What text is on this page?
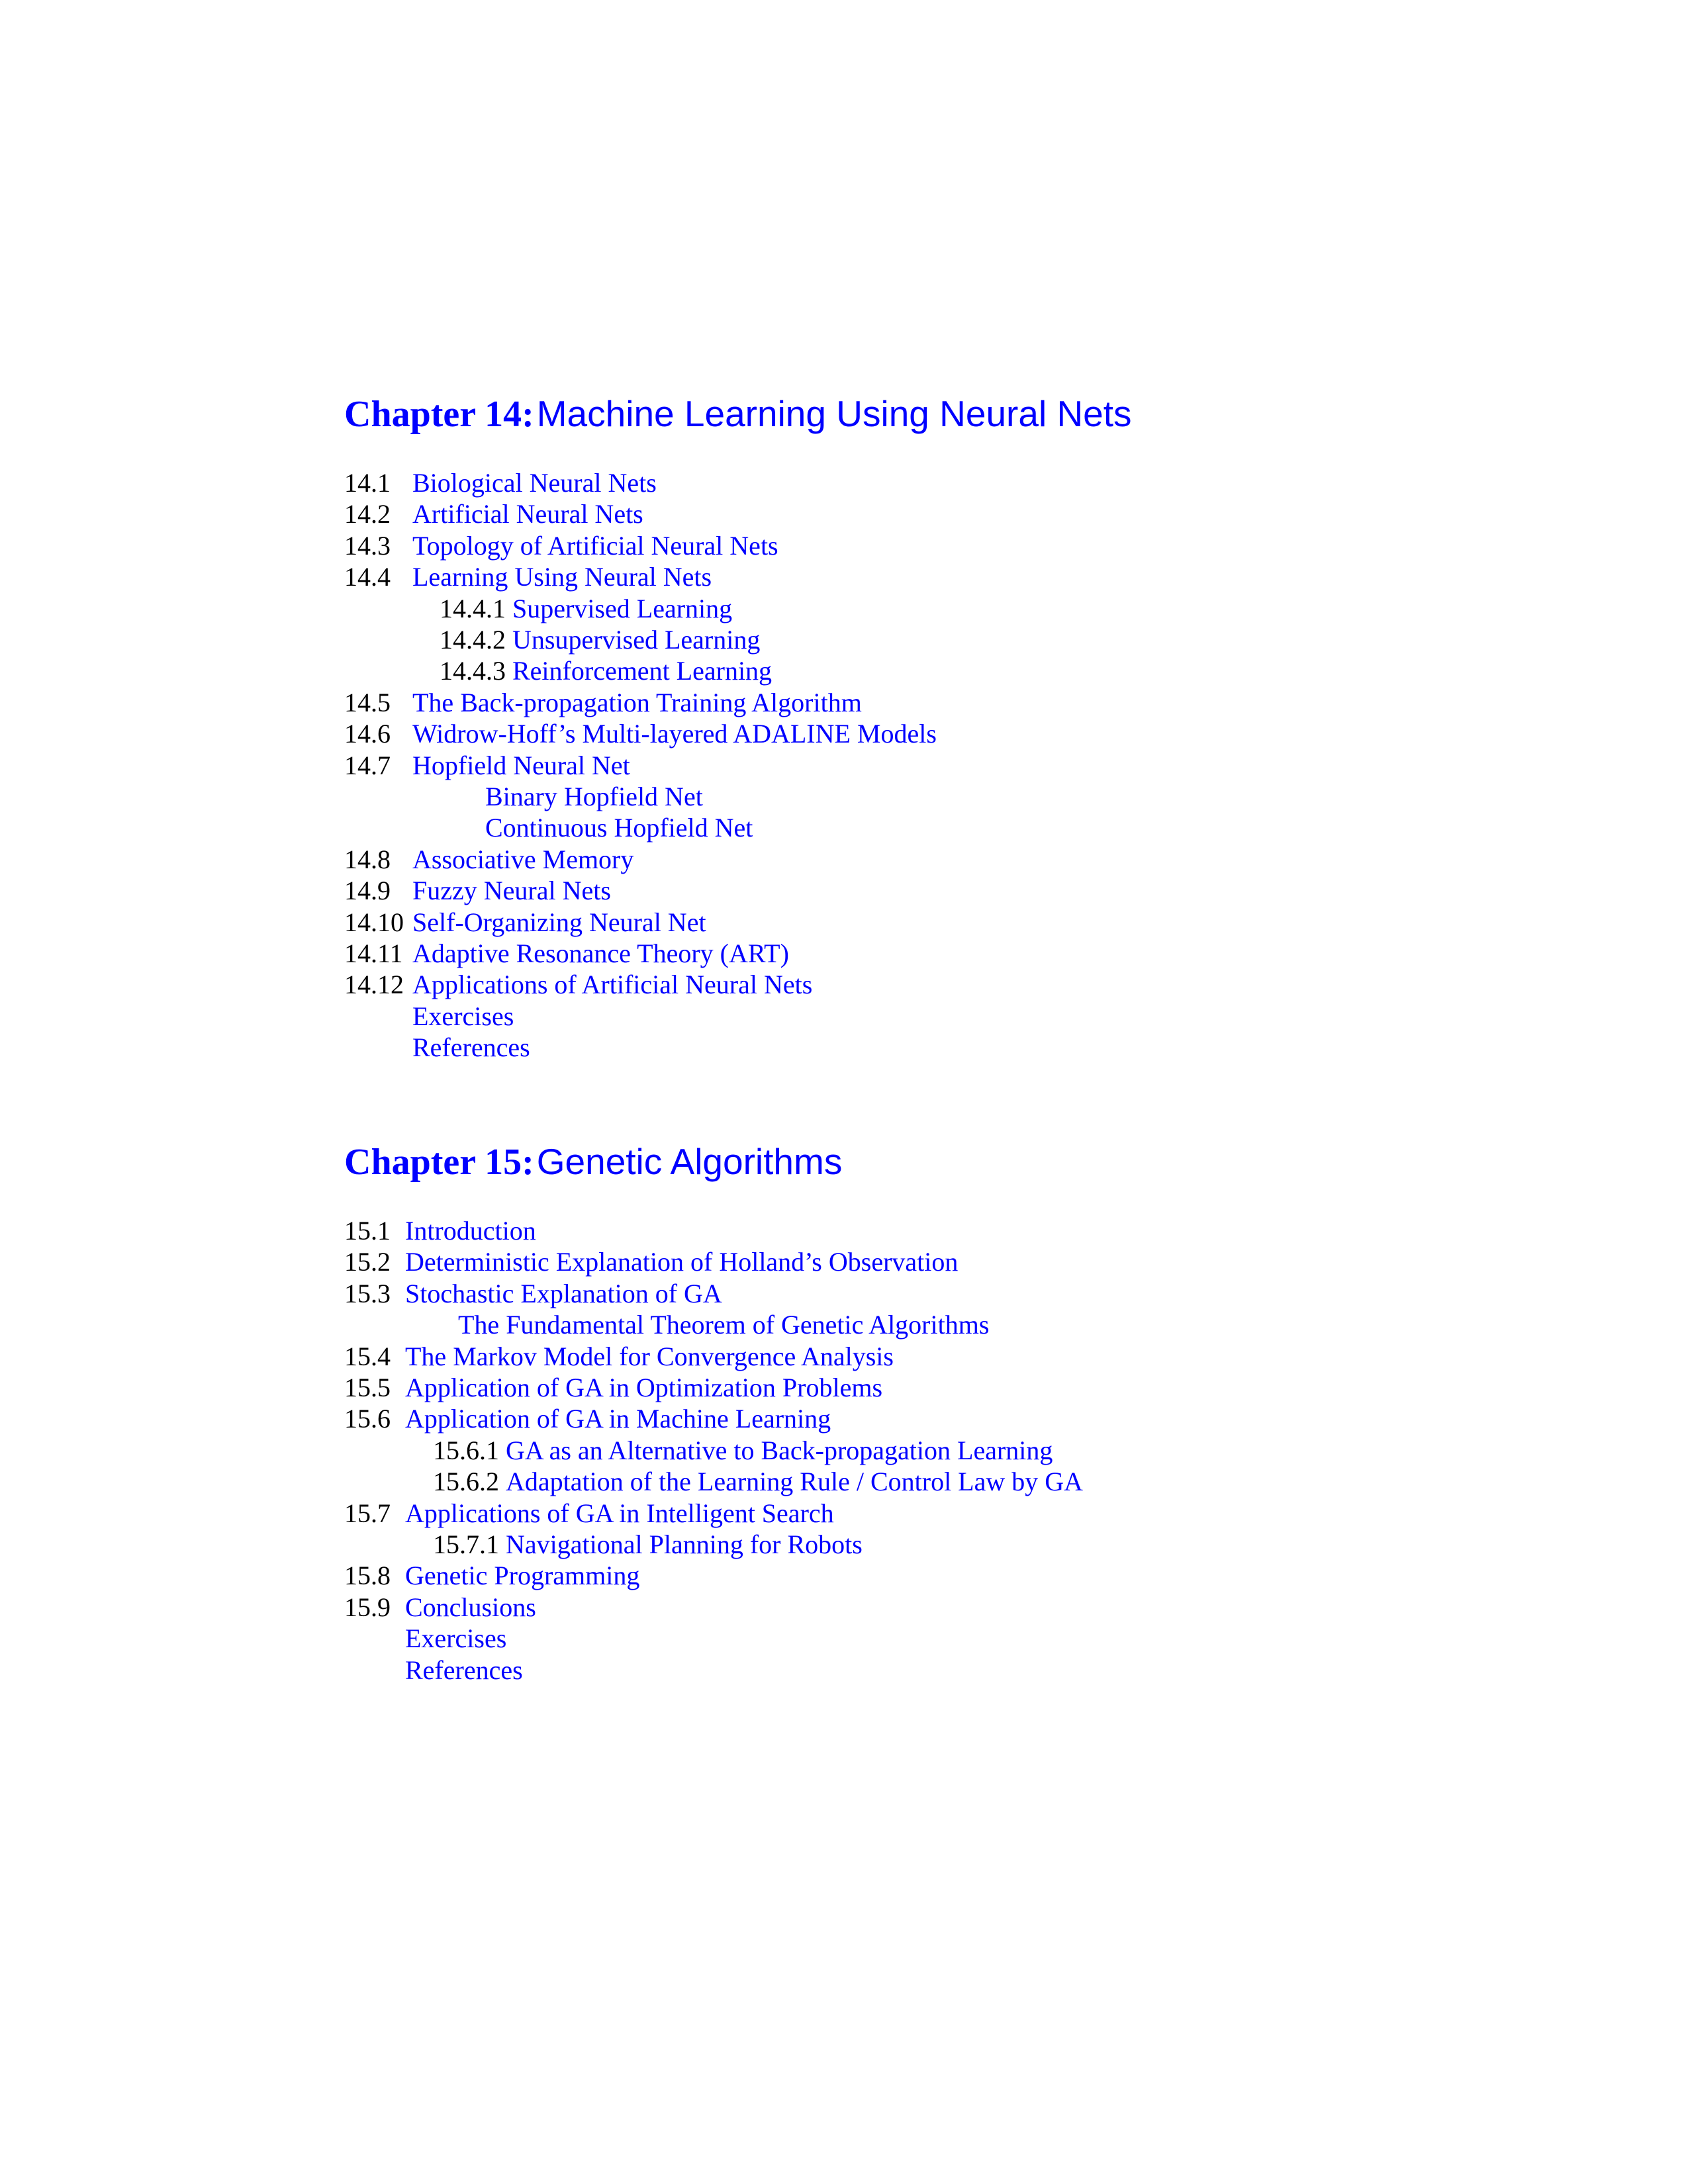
Chapter 14: Machine Learning Using Neural Nets
14.1 Biological Neural Nets
14.2 Artificial Neural Nets
14.3 Topology of Artificial Neural Nets
14.4 Learning Using Neural Nets
14.4.1 Supervised Learning
14.4.2 Unsupervised Learning
14.4.3 Reinforcement Learning
14.5 The Back-propagation Training Algorithm
14.6 Widrow-Hoff’s Multi-layered ADALINE Models
14.7 Hopfield Neural Net
Binary Hopfield Net
Continuous Hopfield Net
14.8 Associative Memory
14.9 Fuzzy Neural Nets
14.10 Self-Organizing Neural Net
14.11 Adaptive Resonance Theory (ART)
14.12 Applications of Artificial Neural Nets
Exercises
References
Chapter 15: Genetic Algorithms
15.1 Introduction
15.2 Deterministic Explanation of Holland’s Observation
15.3 Stochastic Explanation of GA
The Fundamental Theorem of Genetic Algorithms
15.4 The Markov Model for Convergence Analysis
15.5 Application of GA in Optimization Problems
15.6 Application of GA in Machine Learning
15.6.1 GA as an Alternative to Back-propagation Learning
15.6.2 Adaptation of the Learning Rule / Control Law by GA
15.7 Applications of GA in Intelligent Search
15.7.1 Navigational Planning for Robots
15.8 Genetic Programming
15.9 Conclusions
Exercises
References
